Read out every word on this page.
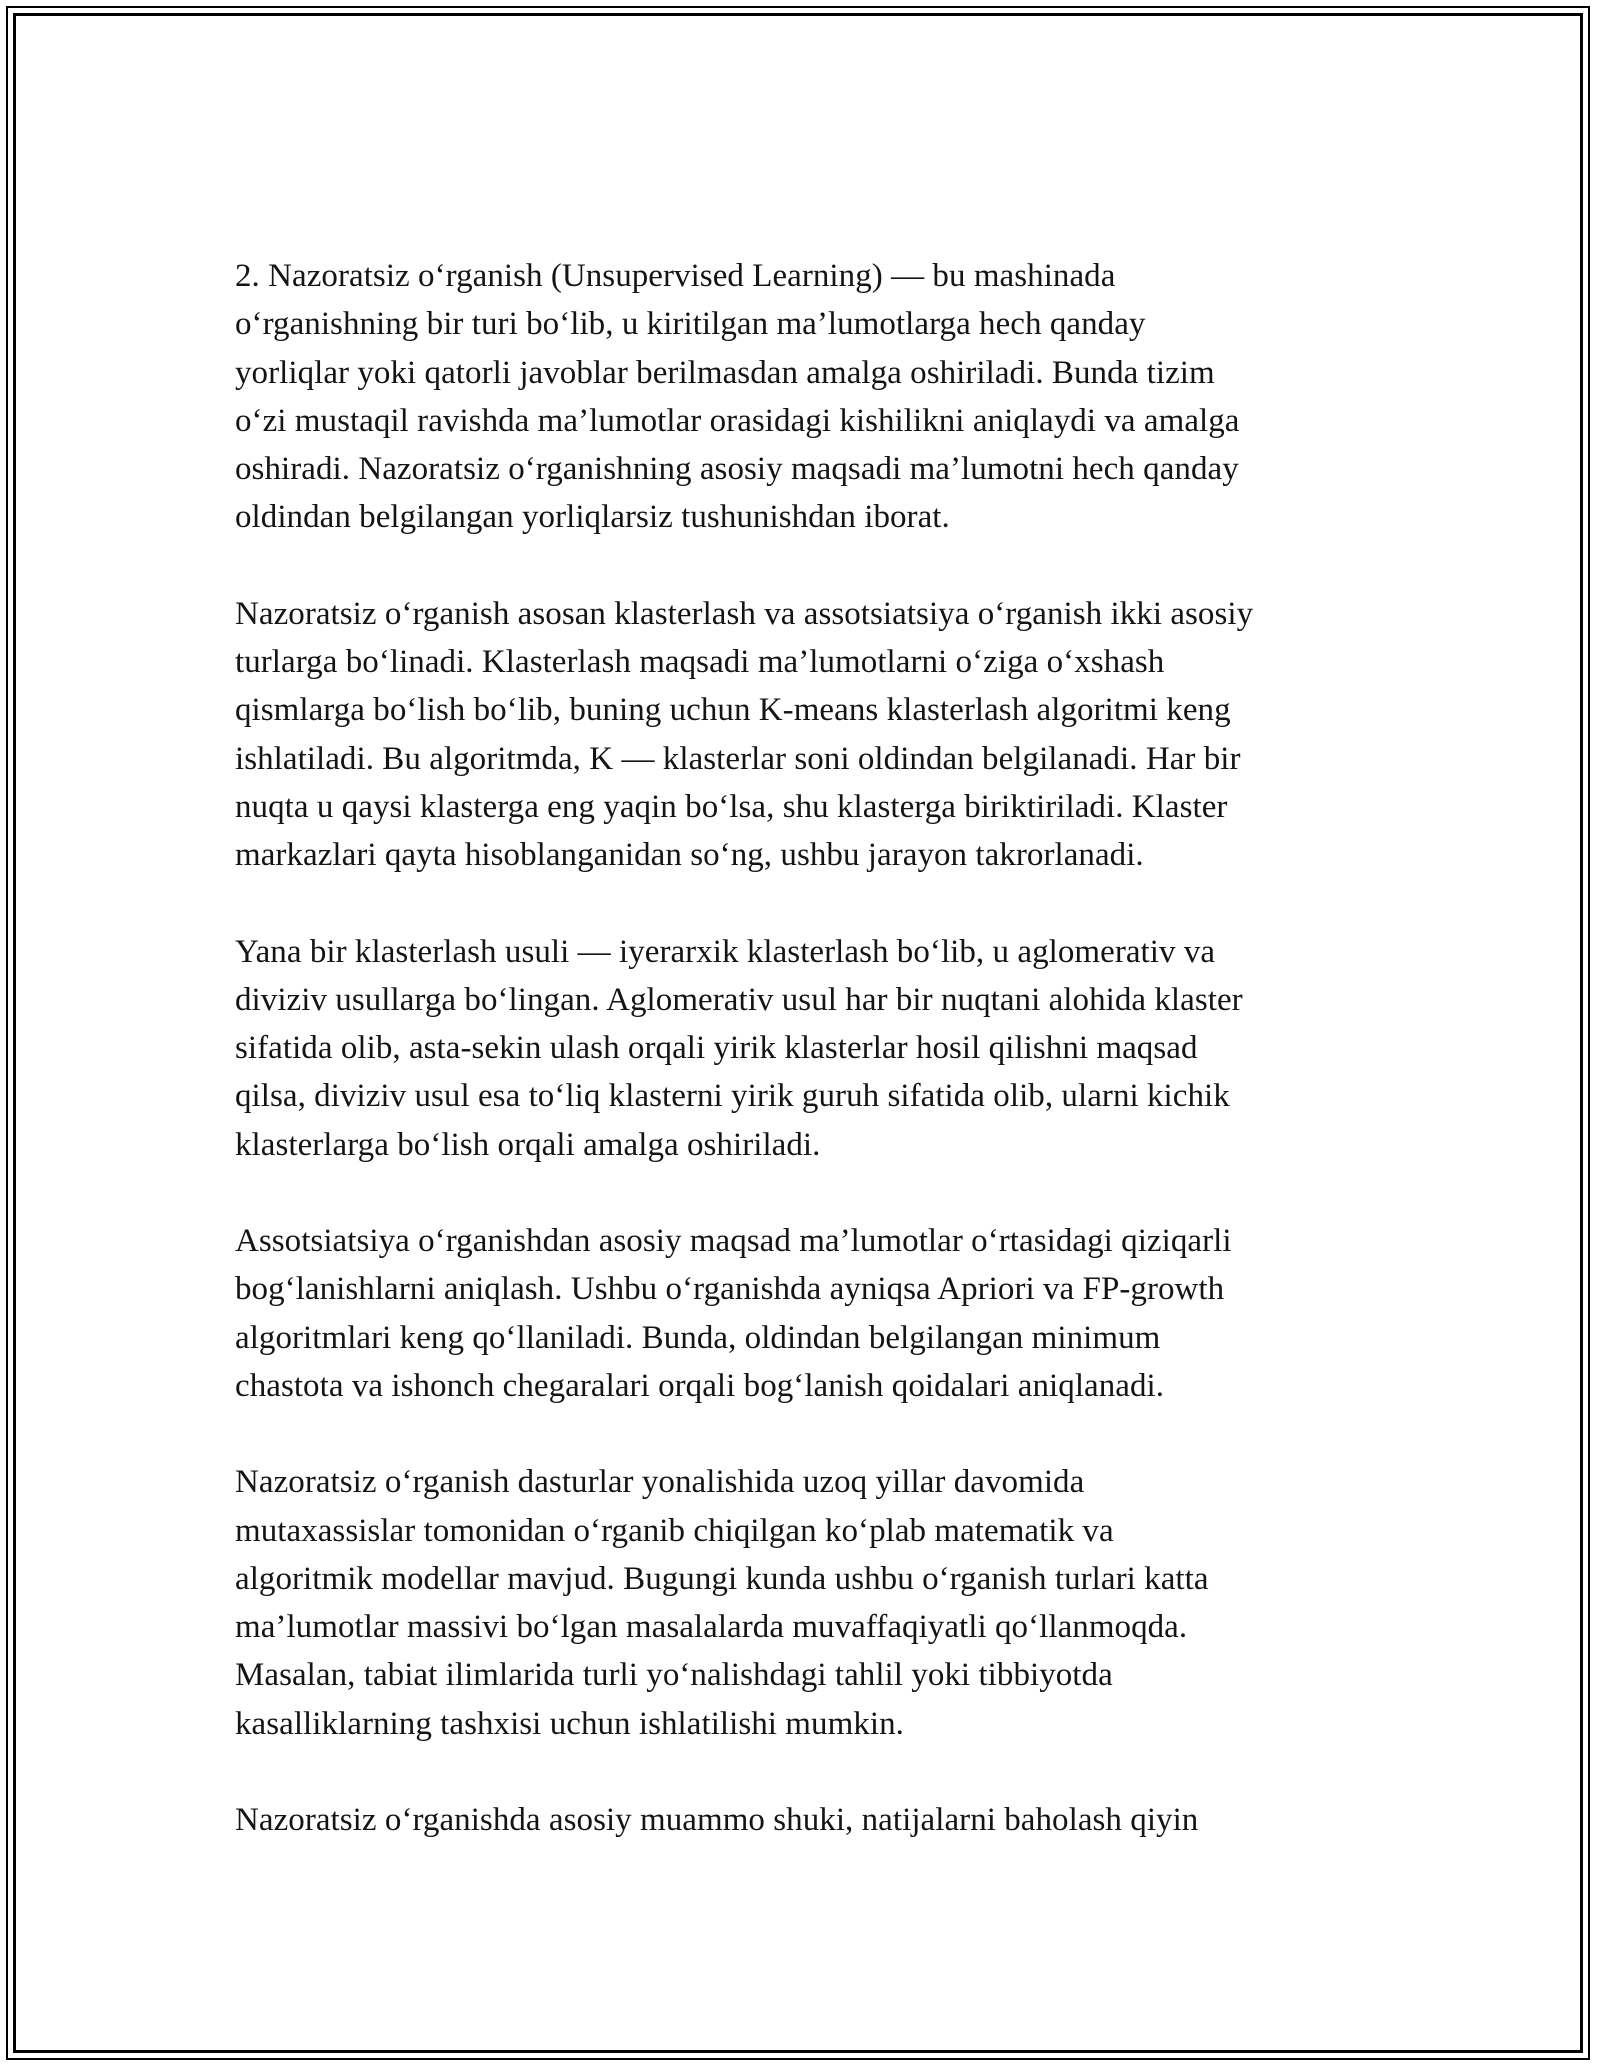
2. Nazoratsiz o‘rganish (Unsupervised Learning) — bu mashinada
o‘rganishning bir turi bo‘lib, u kiritilgan ma’lumotlarga hech qanday
yorliqlar yoki qatorli javoblar berilmasdan amalga oshiriladi. Bunda tizim
o‘zi mustaqil ravishda ma’lumotlar orasidagi kishilikni aniqlaydi va amalga
oshiradi. Nazoratsiz o‘rganishning asosiy maqsadi ma’lumotni hech qanday
oldindan belgilangan yorliqlarsiz tushunishdan iborat.

Nazoratsiz o‘rganish asosan klasterlash va assotsiatsiya o‘rganish ikki asosiy
turlarga bo‘linadi. Klasterlash maqsadi ma’lumotlarni o‘ziga o‘xshash
qismlarga bo‘lish bo‘lib, buning uchun K-means klasterlash algoritmi keng
ishlatiladi. Bu algoritmda, K — klasterlar soni oldindan belgilanadi. Har bir
nuqta u qaysi klasterga eng yaqin bo‘lsa, shu klasterga biriktiriladi. Klaster
markazlari qayta hisoblanganidan so‘ng, ushbu jarayon takrorlanadi.

Yana bir klasterlash usuli — iyerarxik klasterlash bo‘lib, u aglomerativ va
diviziv usullarga bo‘lingan. Aglomerativ usul har bir nuqtani alohida klaster
sifatida olib, asta-sekin ulash orqali yirik klasterlar hosil qilishni maqsad
qilsa, diviziv usul esa to‘liq klasterni yirik guruh sifatida olib, ularni kichik
klasterlarga bo‘lish orqali amalga oshiriladi.

Assotsiatsiya o‘rganishdan asosiy maqsad ma’lumotlar o‘rtasidagi qiziqarli
bog‘lanishlarni aniqlash. Ushbu o‘rganishda ayniqsa Apriori va FP-growth
algoritmlari keng qo‘llaniladi. Bunda, oldindan belgilangan minimum
chastota va ishonch chegaralari orqali bog‘lanish qoidalari aniqlanadi.

Nazoratsiz o‘rganish dasturlar yonalishida uzoq yillar davomida
mutaxassislar tomonidan o‘rganib chiqilgan ko‘plab matematik va
algoritmik modellar mavjud. Bugungi kunda ushbu o‘rganish turlari katta
ma’lumotlar massivi bo‘lgan masalalarda muvaffaqiyatli qo‘llanmoqda.
Masalan, tabiat ilimlarida turli yo‘nalishdagi tahlil yoki tibbiyotda
kasalliklarning tashxisi uchun ishlatilishi mumkin.

Nazoratsiz o‘rganishda asosiy muammo shuki, natijalarni baholash qiyin
